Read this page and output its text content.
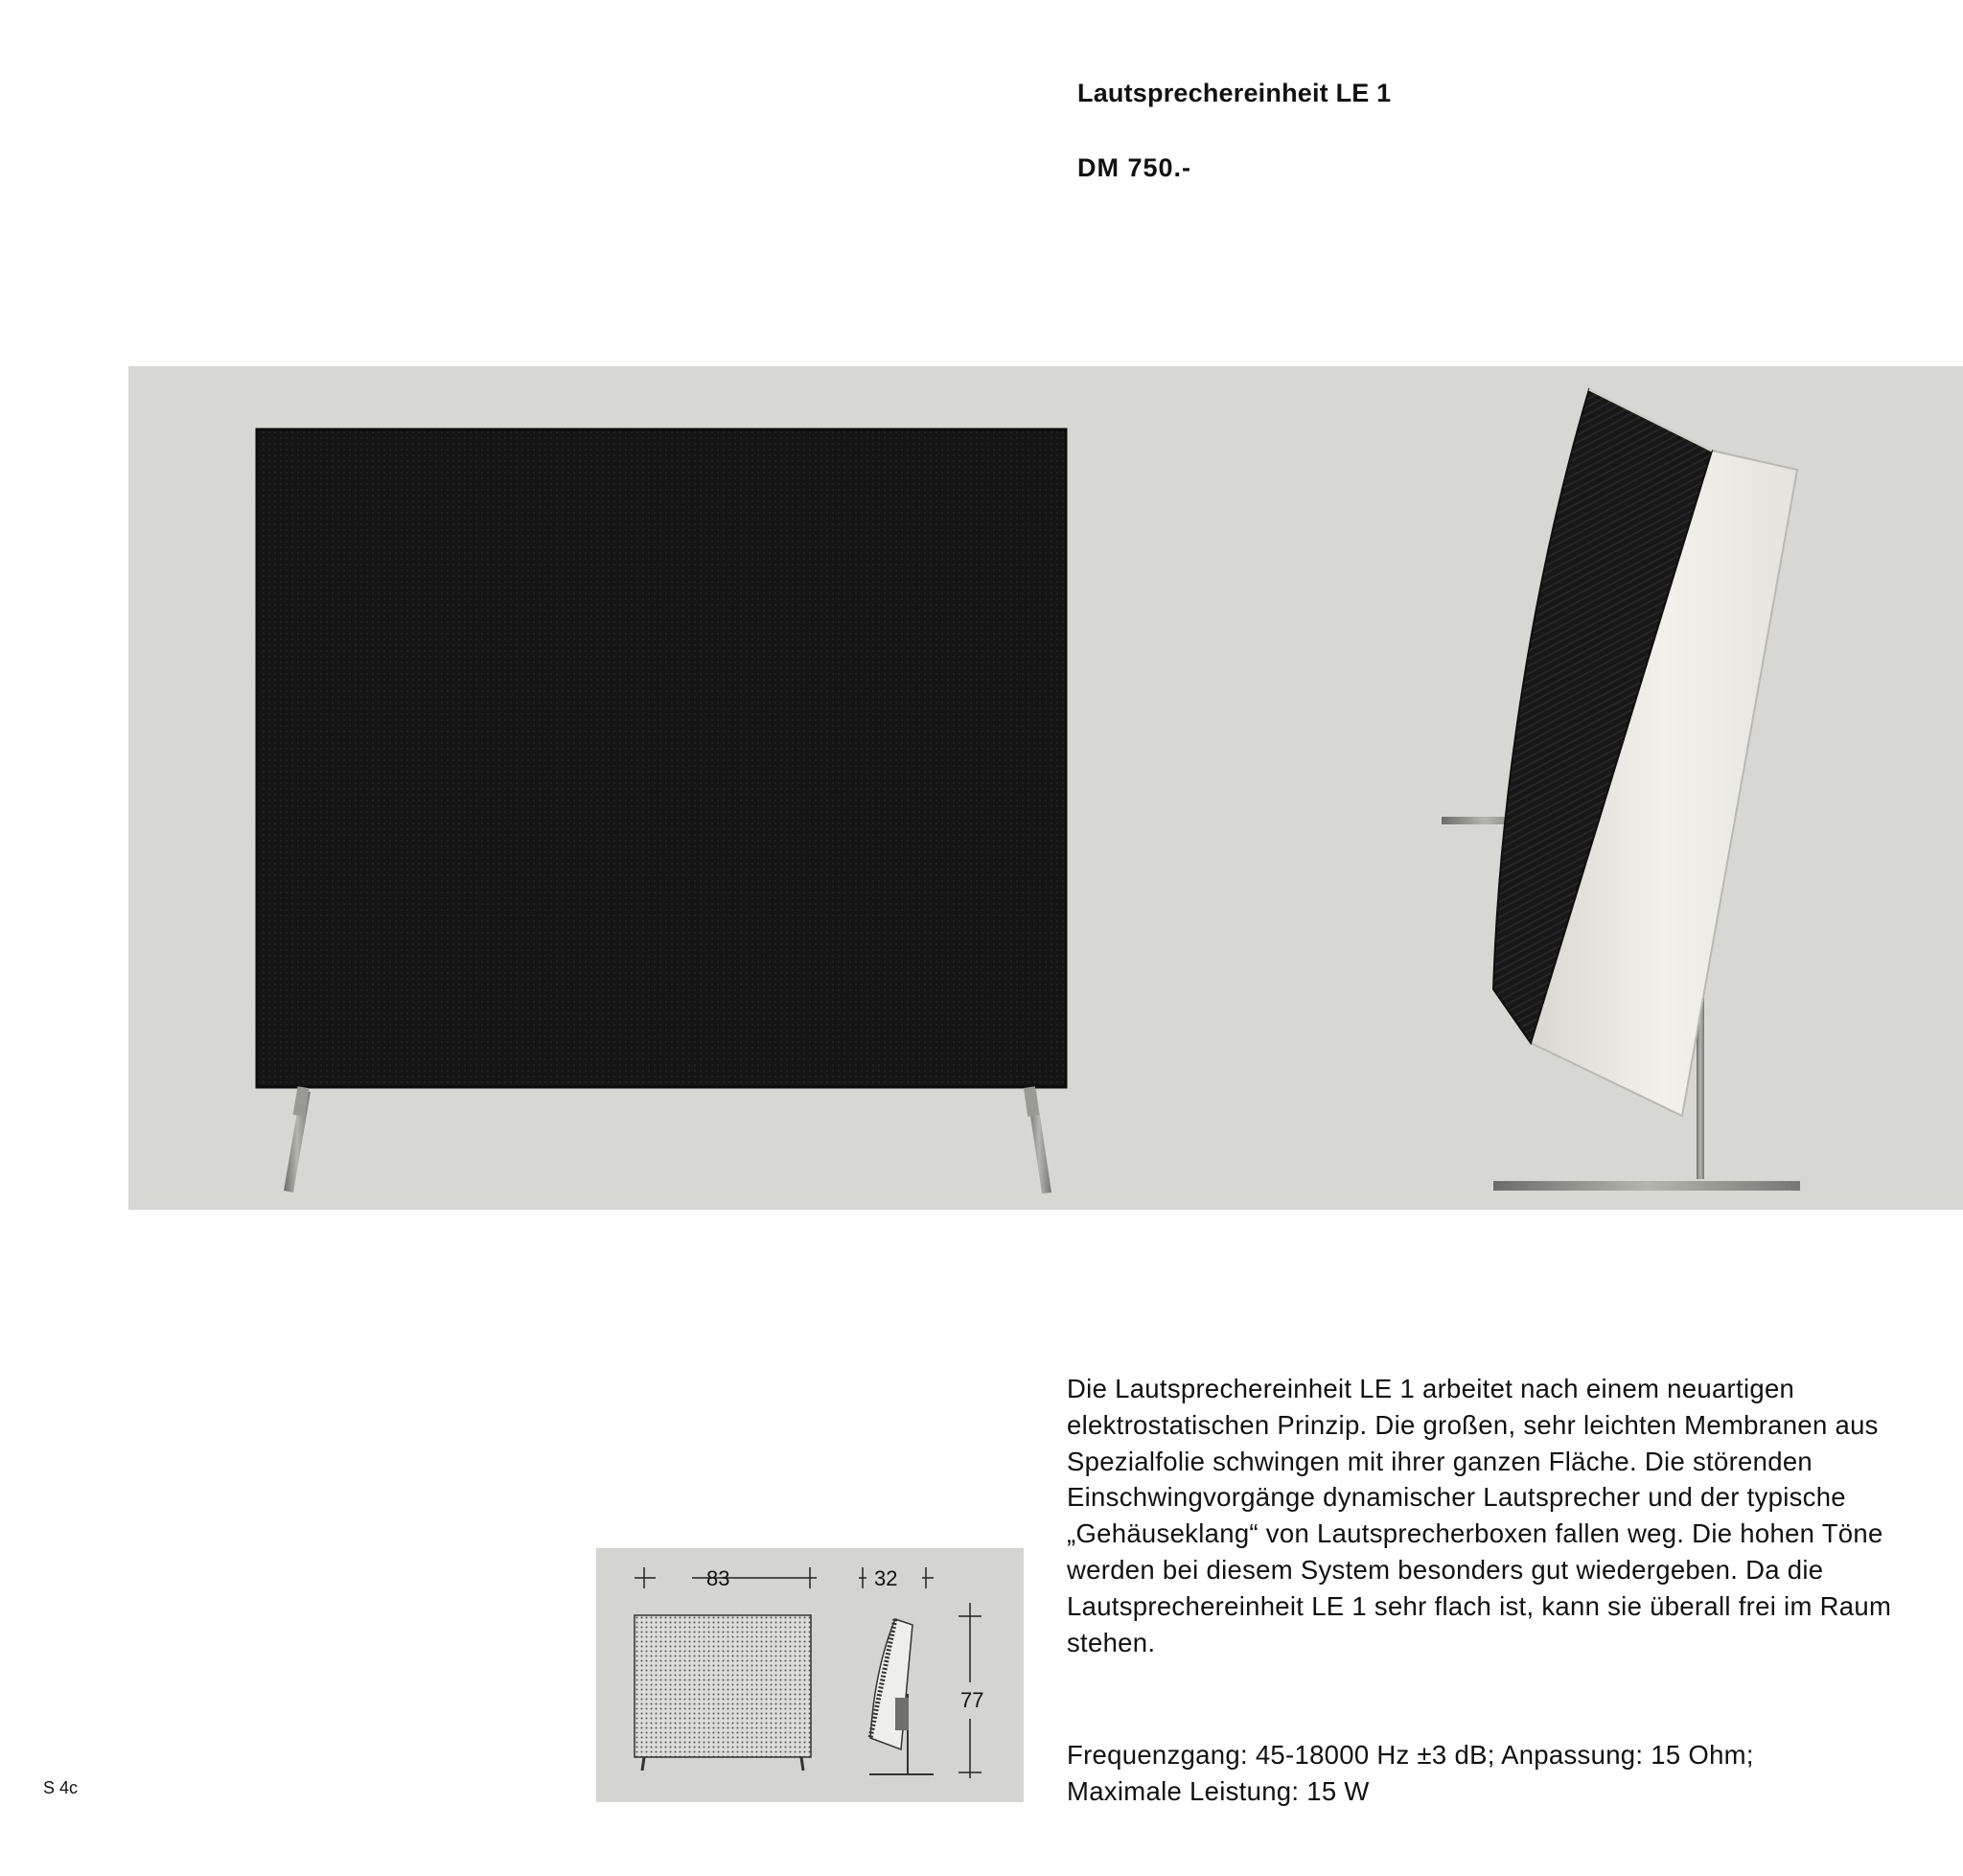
Lautsprechereinheit LE 1
DM 750.-
83	32
77

Die Lautsprechereinheit LE 1 arbeitet nach einem neuartigen elektrostatischen Prinzip. Die großen, sehr leichten Membranen aus Spezialfolie schwingen mit ihrer ganzen Fläche. Die störenden Einschwingvorgänge dynamischer Lautsprecher und der typische „Gehäuseklang“ von Lautsprecherboxen fallen weg. Die hohen Töne werden bei diesem System besonders gut wiedergeben. Da die Lautsprechereinheit LE 1 sehr flach ist, kann sie überall frei im Raum stehen.

Frequenzgang: 45-18000 Hz ±3 dB; Anpassung: 15 Ohm;
Maximale Leistung: 15 W

S 4c
